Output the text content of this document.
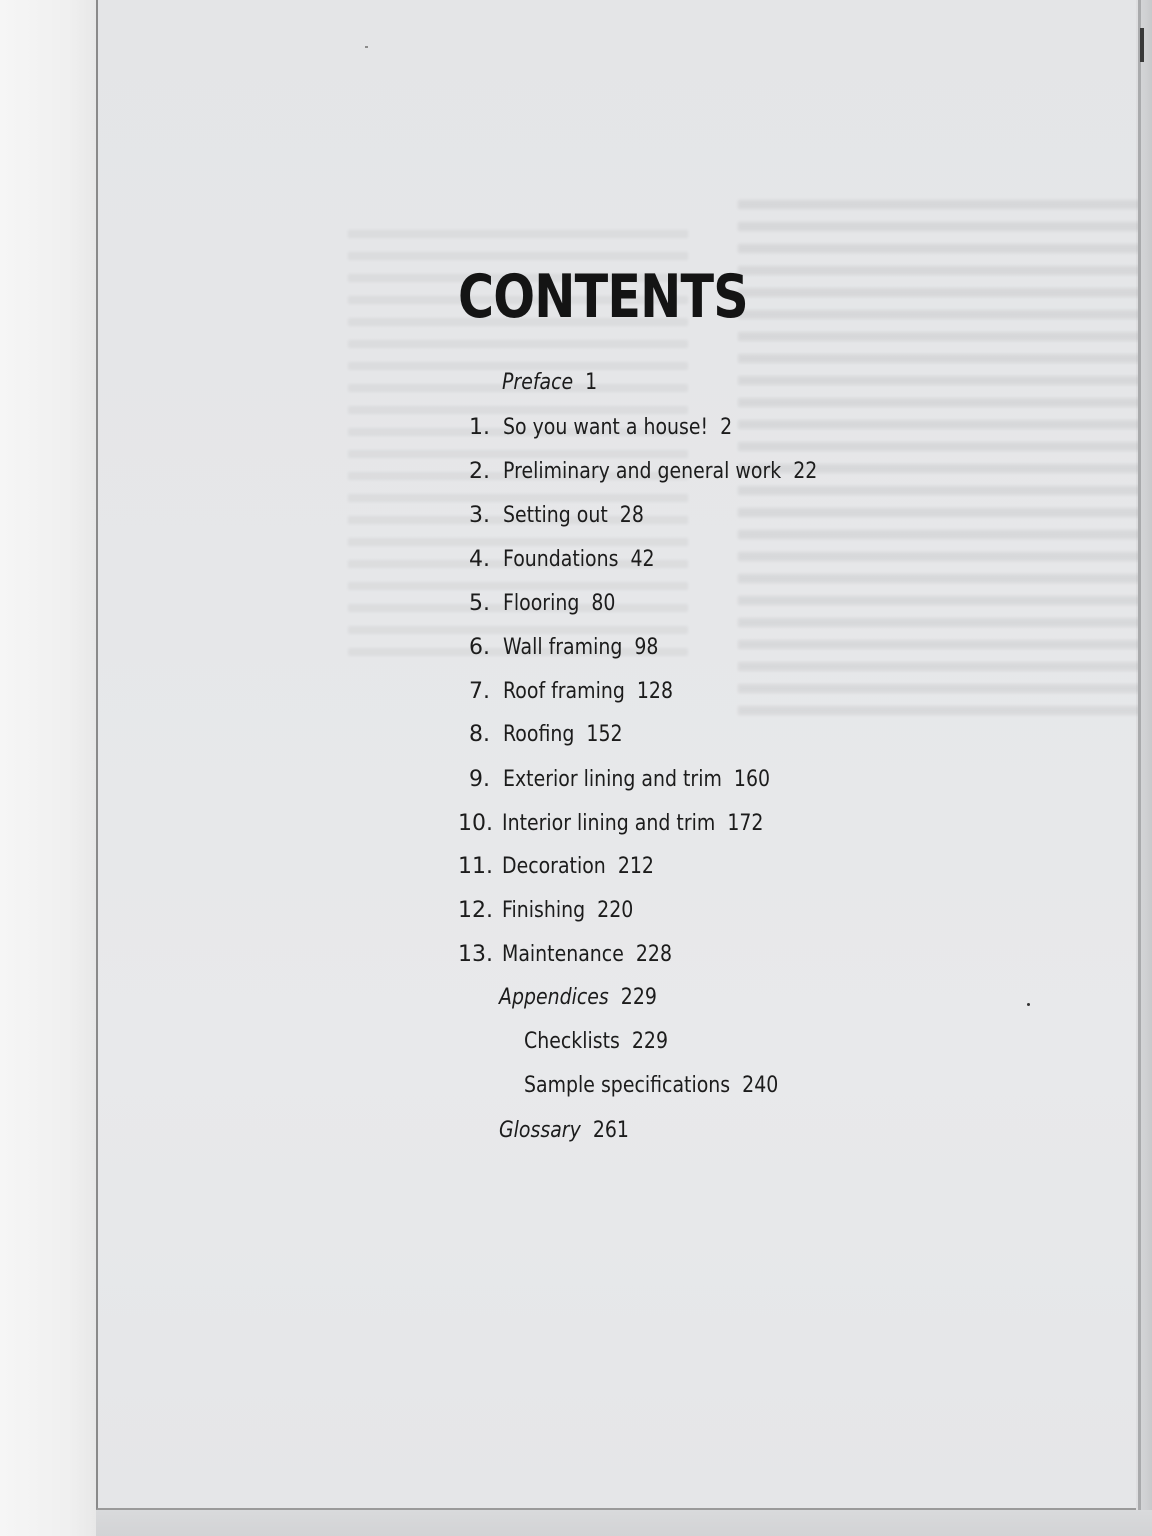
CONTENTS
Preface 1
1. So you want a house! 2
2. Preliminary and general work 22
3. Setting out 28
4. Foundations 42
5. Flooring 80
6. Wall framing 98
7. Roof framing 128
8. Roofing 152
9. Exterior lining and trim 160
10. Interior lining and trim 172
11. Decoration 212
12. Finishing 220
13. Maintenance 228
Appendices 229
Checklists 229
Sample specifications 240
Glossary 261
